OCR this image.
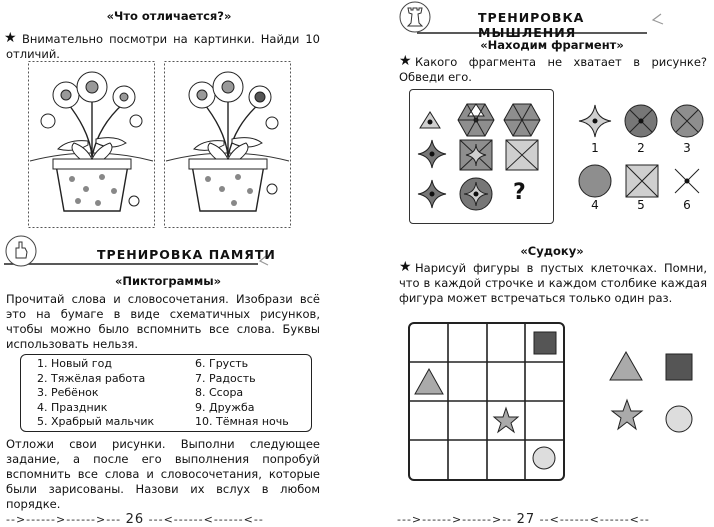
«Что отличается?»
★ Внимательно посмотри на картинки. Найди 10 отличий.
ТРЕНИРОВКА ПАМЯТИ
«Пиктограммы»
Прочитай слова и словосочетания. Изобрази всё это на бумаге в виде схематичных рисунков, чтобы можно было вспомнить все слова. Буквы использовать нельзя.
1. Новый год
2. Тяжёлая работа
3. Ребёнок
4. Праздник
5. Храбрый мальчик
6. Грусть
7. Радость
8. Ссора
9. Дружба
10. Тёмная ночь
Отложи свои рисунки. Выполни следующее задание, а после его выполнения попробуй вспомнить все слова и словосочетания, которые были зарисованы. Назови их вслух в любом порядке.
-->------>------>--- 26 ---<------<------<--
ТРЕНИРОВКА МЫШЛЕНИЯ
«Находим фрагмент»
★ Какого фрагмента не хватает в рисунке? Обведи его.
?
1	2	3
4	5	6
«Судоку»
★ Нарисуй фигуры в пустых клеточках. Помни, что в каждой строчке и каждом столбике каждая фигура может встречаться только один раз.
--->------>------>-- 27 --<------<------<--
